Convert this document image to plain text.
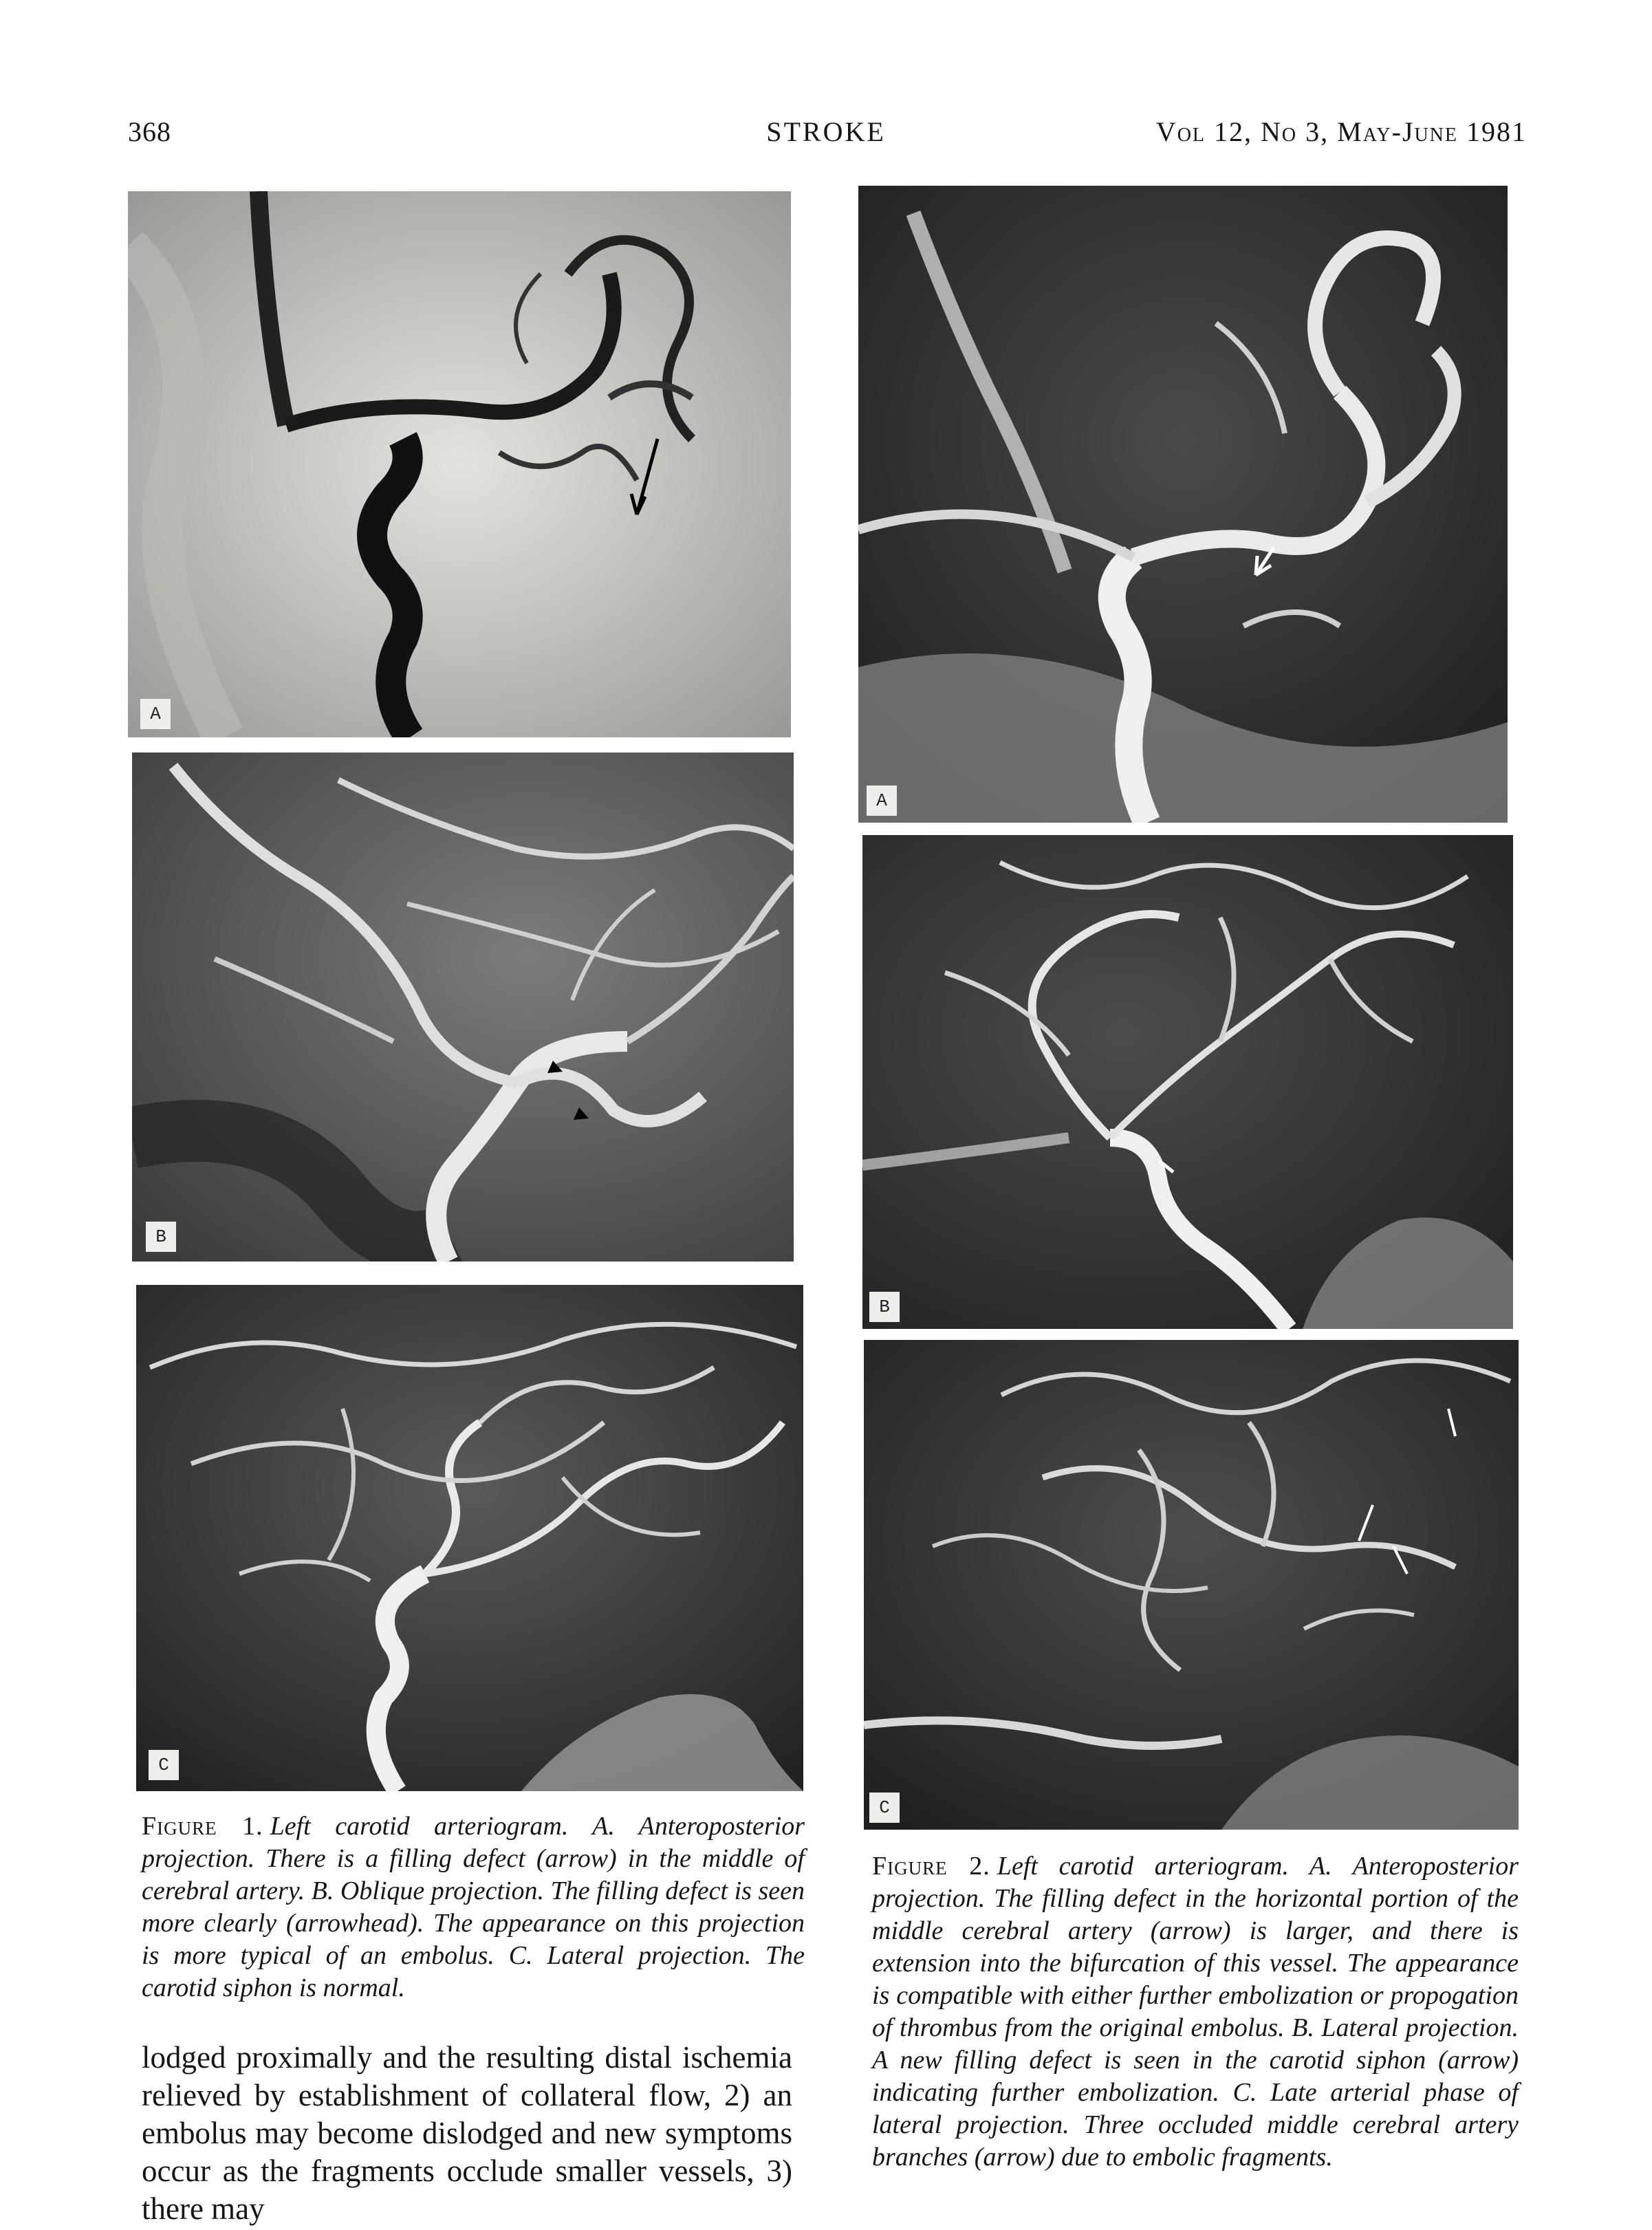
368	STROKE	Vol 12, No 3, May-June 1981
A
B
C
Figure 1. Left carotid arteriogram. A. Anteroposterior projection. There is a filling defect (arrow) in the middle of cerebral artery. B. Oblique projection. The filling defect is seen more clearly (arrowhead). The appearance on this projection is more typical of an embolus. C. Lateral projection. The carotid siphon is normal.
lodged proximally and the resulting distal ischemia relieved by establishment of collateral flow, 2) an embolus may become dislodged and new symptoms occur as the fragments occlude smaller vessels, 3) there may
A
B
C
Figure 2. Left carotid arteriogram. A. Anteroposterior projection. The filling defect in the horizontal portion of the middle cerebral artery (arrow) is larger, and there is extension into the bifurcation of this vessel. The appearance is compatible with either further embolization or propogation of thrombus from the original embolus. B. Lateral projection. A new filling defect is seen in the carotid siphon (arrow) indicating further embolization. C. Late arterial phase of lateral projection. Three occluded middle cerebral artery branches (arrow) due to embolic fragments.
